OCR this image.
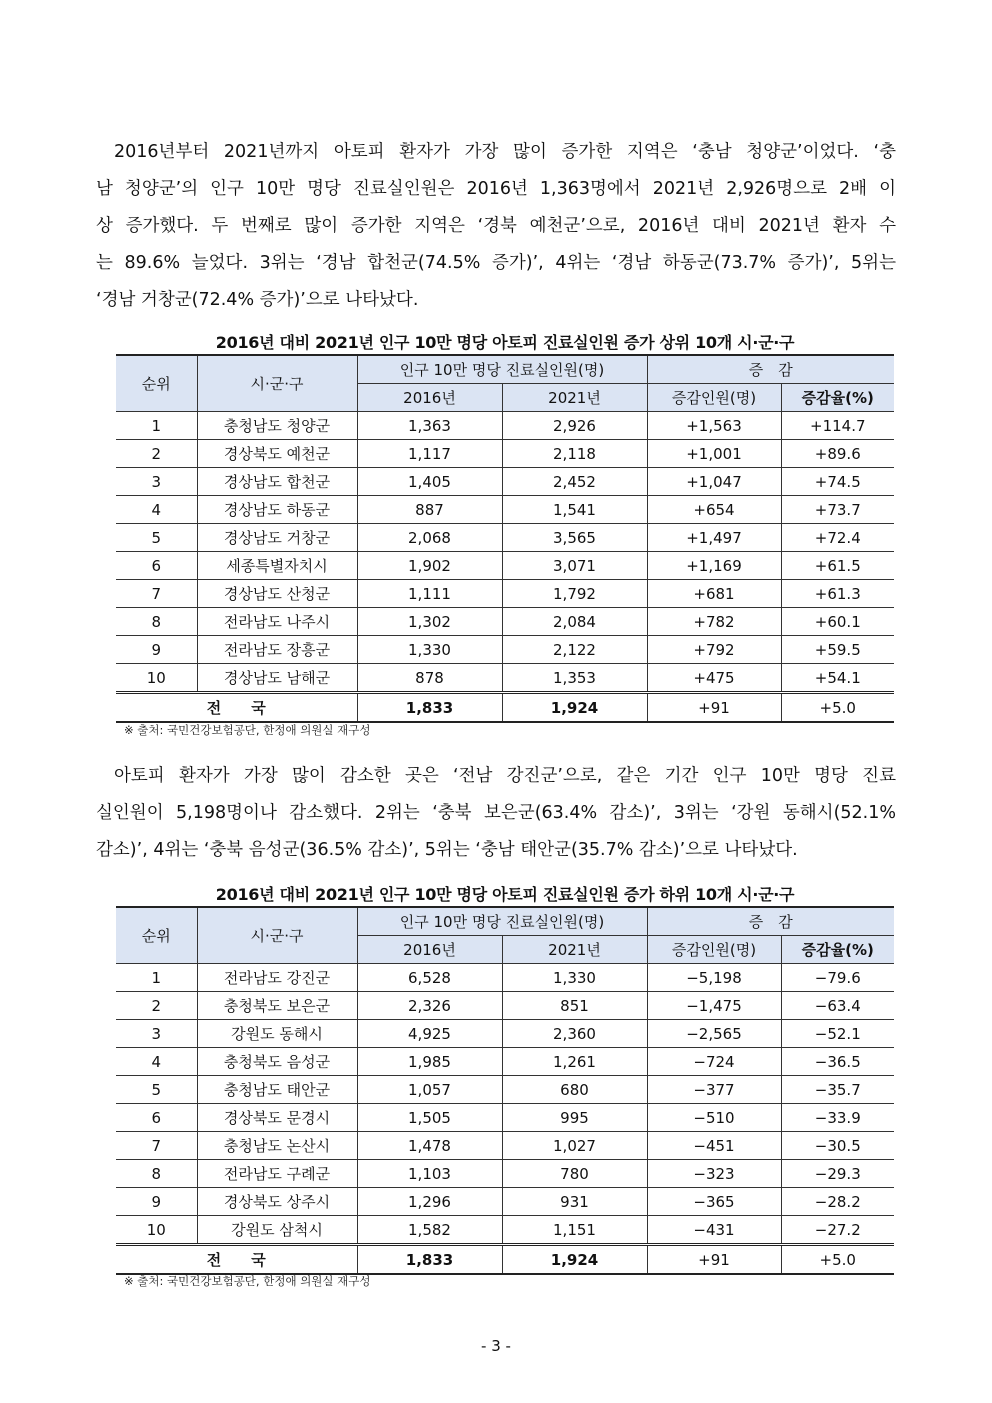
2016년부터 2021년까지 아토피 환자가 가장 많이 증가한 지역은 ‘충남 청양군’이었다. ‘충
남 청양군’의 인구 10만 명당 진료실인원은 2016년 1,363명에서 2021년 2,926명으로 2배 이
상 증가했다. 두 번째로 많이 증가한 지역은 ‘경북 예천군’으로, 2016년 대비 2021년 환자 수
는 89.6% 늘었다. 3위는 ‘경남 합천군(74.5% 증가)’, 4위는 ‘경남 하동군(73.7% 증가)’, 5위는
‘경남 거창군(72.4% 증가)’으로 나타났다.

2016년 대비 2021년 인구 10만 명당 아토피 진료실인원 증가 상위 10개 시·군·구

순위	시·군·구	인구 10만 명당 진료실인원(명)		증　감	
		2016년	2021년	증감인원(명)	증감율(%)
1	충청남도 청양군	1,363	2,926	+1,563	+114.7
2	경상북도 예천군	1,117	2,118	+1,001	+89.6
3	경상남도 합천군	1,405	2,452	+1,047	+74.5
4	경상남도 하동군	887	1,541	+654	+73.7
5	경상남도 거창군	2,068	3,565	+1,497	+72.4
6	세종특별자치시	1,902	3,071	+1,169	+61.5
7	경상남도 산청군	1,111	1,792	+681	+61.3
8	전라남도 나주시	1,302	2,084	+782	+60.1
9	전라남도 장흥군	1,330	2,122	+792	+59.5
10	경상남도 남해군	878	1,353	+475	+54.1
전　　국		1,833	1,924	+91	+5.0

※ 출처: 국민건강보험공단, 한정애 의원실 재구성

아토피 환자가 가장 많이 감소한 곳은 ‘전남 강진군’으로, 같은 기간 인구 10만 명당 진료
실인원이 5,198명이나 감소했다. 2위는 ‘충북 보은군(63.4% 감소)’, 3위는 ‘강원 동해시(52.1%
감소)’, 4위는 ‘충북 음성군(36.5% 감소)’, 5위는 ‘충남 태안군(35.7% 감소)’으로 나타났다.

2016년 대비 2021년 인구 10만 명당 아토피 진료실인원 증가 하위 10개 시·군·구

순위	시·군·구	인구 10만 명당 진료실인원(명)		증　감	
		2016년	2021년	증감인원(명)	증감율(%)
1	전라남도 강진군	6,528	1,330	−5,198	−79.6
2	충청북도 보은군	2,326	851	−1,475	−63.4
3	강원도 동해시	4,925	2,360	−2,565	−52.1
4	충청북도 음성군	1,985	1,261	−724	−36.5
5	충청남도 태안군	1,057	680	−377	−35.7
6	경상북도 문경시	1,505	995	−510	−33.9
7	충청남도 논산시	1,478	1,027	−451	−30.5
8	전라남도 구례군	1,103	780	−323	−29.3
9	경상북도 상주시	1,296	931	−365	−28.2
10	강원도 삼척시	1,582	1,151	−431	−27.2
전　　국		1,833	1,924	+91	+5.0

※ 출처: 국민건강보험공단, 한정애 의원실 재구성

- 3 -
